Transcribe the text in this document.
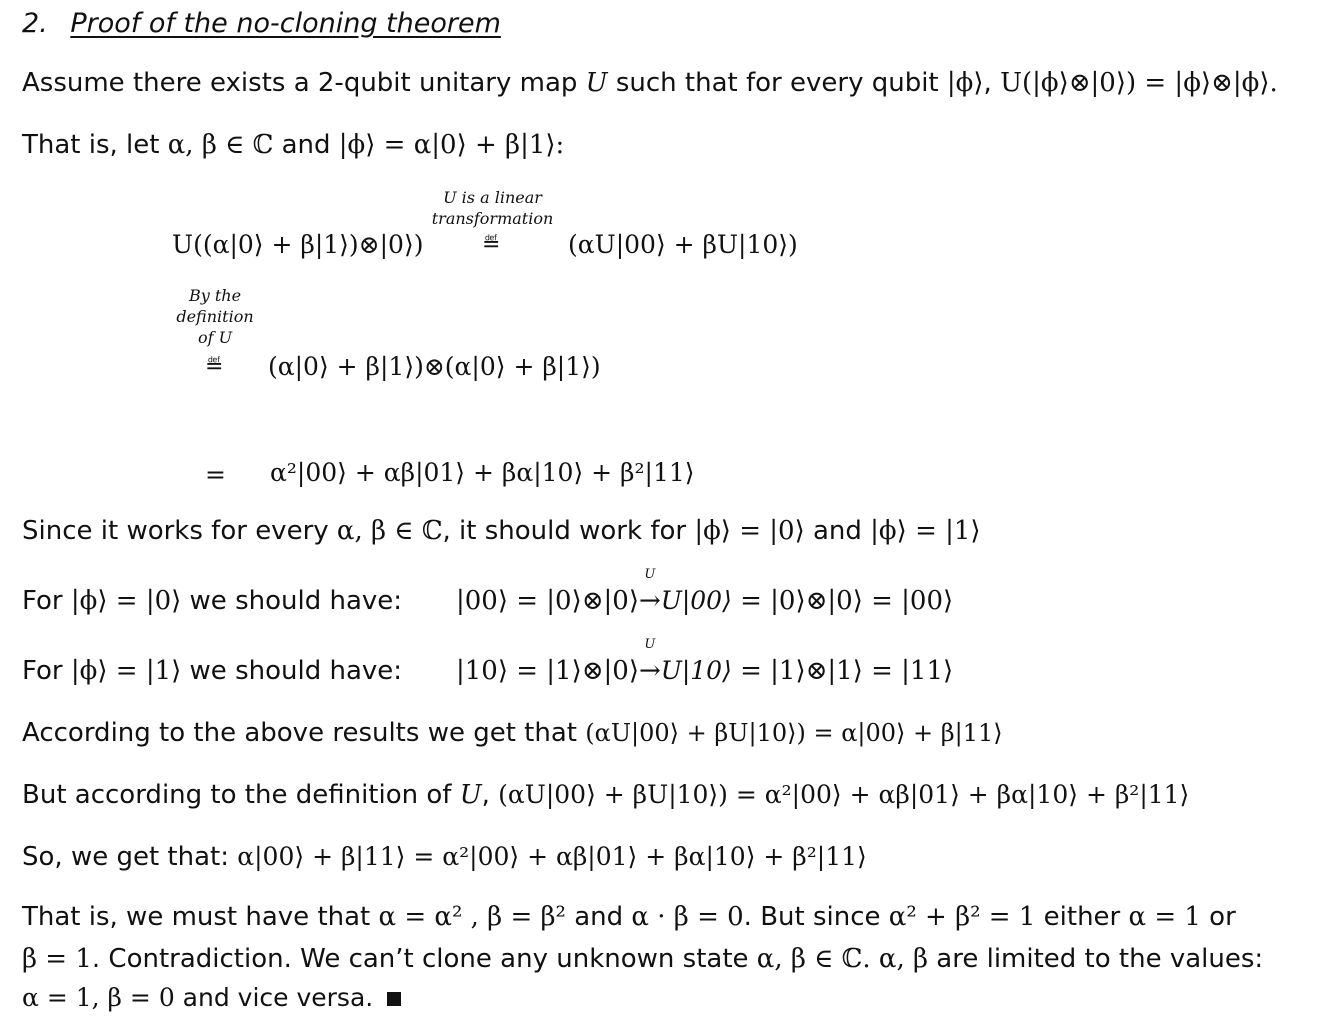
2. Proof of the no-cloning theorem
Assume there exists a 2-qubit unitary map U such that for every qubit |ϕ⟩, U(|ϕ⟩⊗|0⟩) = |ϕ⟩⊗|ϕ⟩.
That is, let α, β ∈ ℂ and |ϕ⟩ = α|0⟩ + β|1⟩:
U is a linear
transformation
U((α|0⟩ + β|1⟩)⊗|0⟩)	≝	(αU|00⟩ + βU|10⟩)
By the
definition
of U
≝ (α|0⟩ + β|1⟩)⊗(α|0⟩ + β|1⟩)
= α²|00⟩ + αβ|01⟩ + βα|10⟩ + β²|11⟩
Since it works for every α, β ∈ ℂ, it should work for |ϕ⟩ = |0⟩ and |ϕ⟩ = |1⟩
For |ϕ⟩ = |0⟩ we should have: |00⟩ = |0⟩⊗|0⟩
U
→U|00⟩ = |0⟩⊗|0⟩ = |00⟩
For |ϕ⟩ = |1⟩ we should have: |10⟩ = |1⟩⊗|0⟩
U
→U|10⟩ = |1⟩⊗|1⟩ = |11⟩
According to the above results we get that (αU|00⟩ + βU|10⟩) = α|00⟩ + β|11⟩
But according to the definition of U, (αU|00⟩ + βU|10⟩) = α²|00⟩ + αβ|01⟩ + βα|10⟩ + β²|11⟩
So, we get that: α|00⟩ + β|11⟩ = α²|00⟩ + αβ|01⟩ + βα|10⟩ + β²|11⟩
That is, we must have that α = α² , β = β² and α · β = 0. But since α² + β² = 1 either α = 1 or
β = 1. Contradiction. We can’t clone any unknown state α, β ∈ ℂ. α, β are limited to the values:
α = 1, β = 0 and vice versa.
